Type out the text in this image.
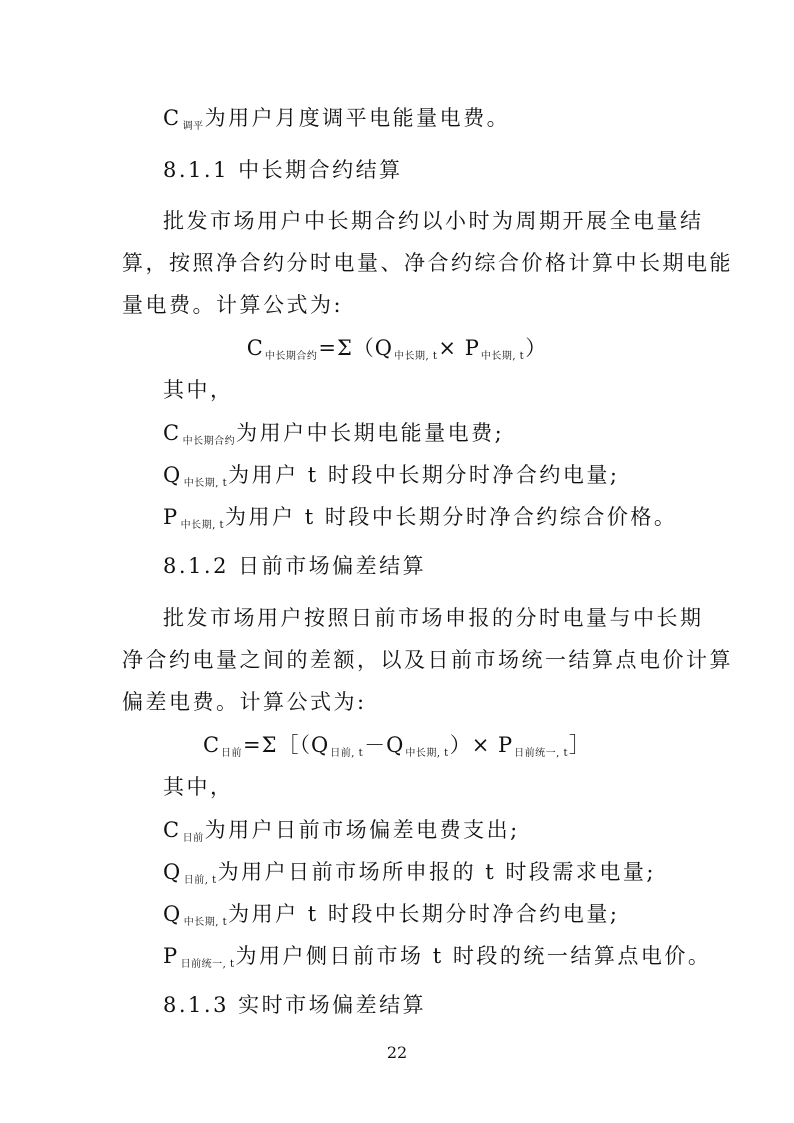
C调平为用户月度调平电能量电费。
8.1.1 中长期合约结算
批发市场用户中长期合约以小时为周期开展全电量结
算，按照净合约分时电量、净合约综合价格计算中长期电能
量电费。计算公式为:
C中长期合约=Σ（Q中长期, t× P中长期, t）
其中，
C中长期合约为用户中长期电能量电费;
Q中长期, t为用户 t 时段中长期分时净合约电量;
P中长期, t为用户 t 时段中长期分时净合约综合价格。
8.1.2 日前市场偏差结算
批发市场用户按照日前市场申报的分时电量与中长期
净合约电量之间的差额，以及日前市场统一结算点电价计算
偏差电费。计算公式为:
C日前=Σ［（Q日前, t－Q中长期, t）× P日前统一, t］
其中，
C日前为用户日前市场偏差电费支出;
Q日前, t为用户日前市场所申报的 t 时段需求电量;
Q中长期, t为用户 t 时段中长期分时净合约电量;
P日前统一, t为用户侧日前市场 t 时段的统一结算点电价。
8.1.3 实时市场偏差结算
22
